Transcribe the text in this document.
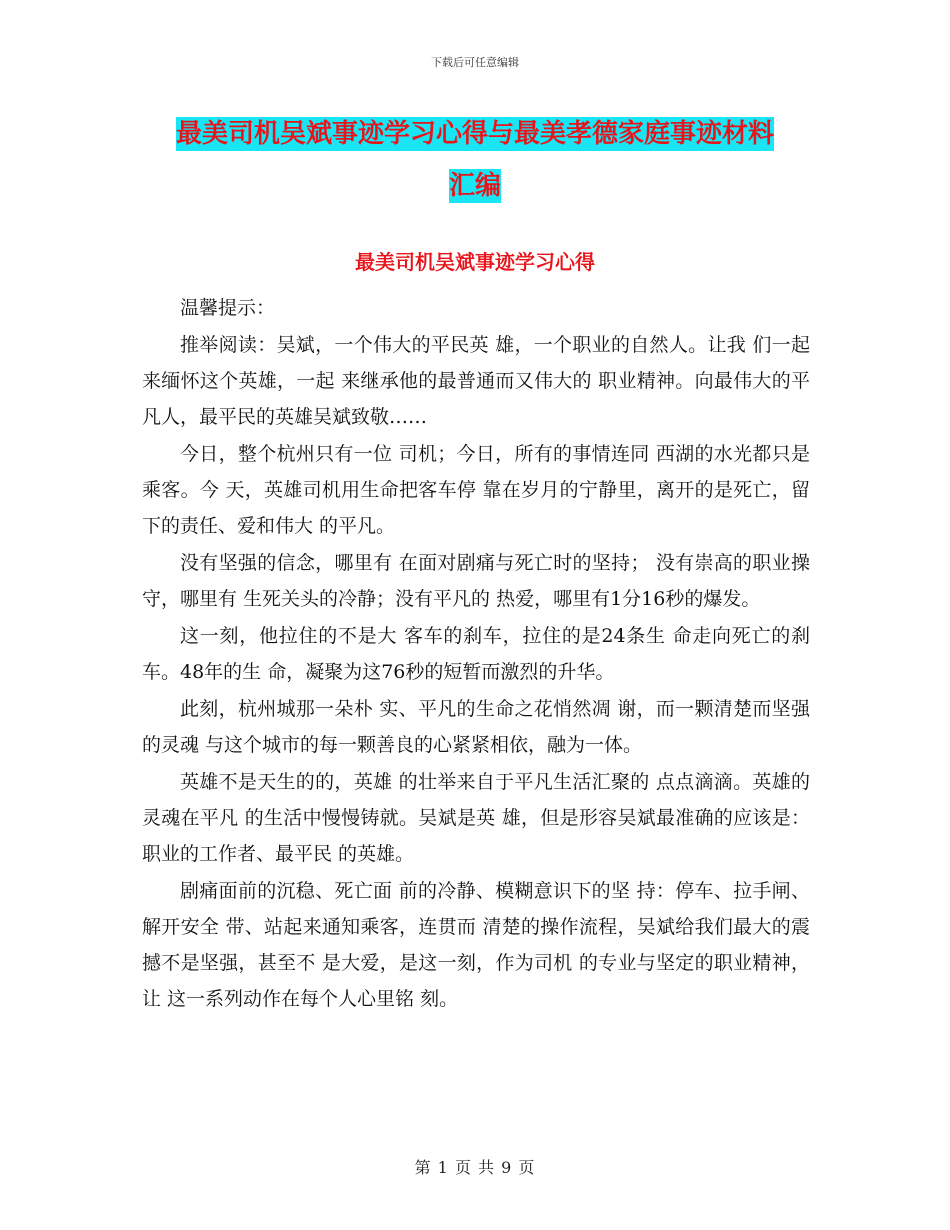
下载后可任意编辑
最美司机吴斌事迹学习心得与最美孝德家庭事迹材料
汇编
最美司机吴斌事迹学习心得

温馨提示：

推举阅读：吴斌，一个伟大的平民英 雄，一个职业的自然人。让我 们一起来缅怀这个英雄，一起 来继承他的最普通而又伟大的 职业精神。向最伟大的平凡人，最平民的英雄吴斌致敬……

今日，整个杭州只有一位 司机；今日，所有的事情连同 西湖的水光都只是乘客。今 天，英雄司机用生命把客车停 靠在岁月的宁静里，离开的是死亡，留下的责任、爱和伟大 的平凡。

没有坚强的信念，哪里有 在面对剧痛与死亡时的坚持； 没有崇高的职业操守，哪里有 生死关头的冷静；没有平凡的 热爱，哪里有1分16秒的爆发。

这一刻，他拉住的不是大 客车的刹车，拉住的是24条生 命走向死亡的刹车。48年的生 命，凝聚为这76秒的短暂而激烈的升华。

此刻，杭州城那一朵朴 实、平凡的生命之花悄然凋 谢，而一颗清楚而坚强的灵魂 与这个城市的每一颗善良的心紧紧相依，融为一体。

英雄不是天生的的，英雄 的壮举来自于平凡生活汇聚的 点点滴滴。英雄的灵魂在平凡 的生活中慢慢铸就。吴斌是英 雄，但是形容吴斌最准确的应该是：职业的工作者、最平民 的英雄。

剧痛面前的沉稳、死亡面 前的冷静、模糊意识下的坚 持：停车、拉手闸、解开安全 带、站起来通知乘客，连贯而 清楚的操作流程，吴斌给我们最大的震撼不是坚强，甚至不 是大爱，是这一刻，作为司机 的专业与坚定的职业精神，让 这一系列动作在每个人心里铭 刻。

第 1 页 共 9 页
